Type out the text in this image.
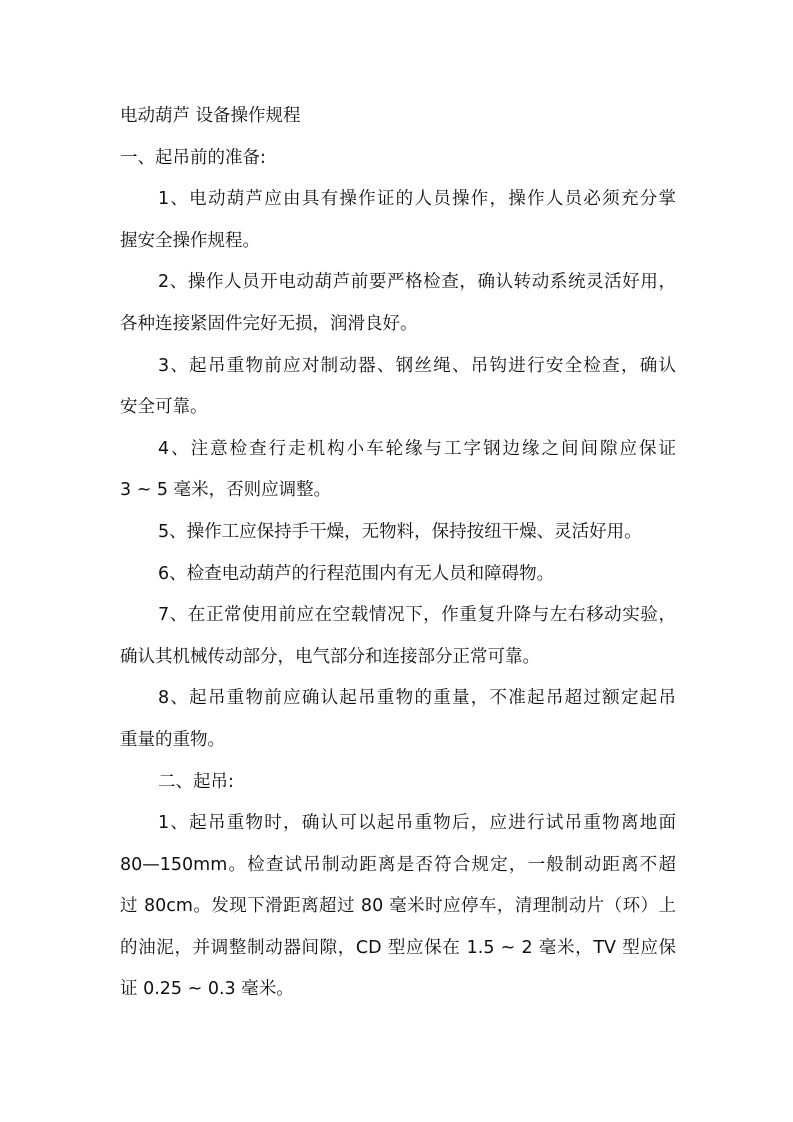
电动葫芦 设备操作规程
一、起吊前的准备:
1、电动葫芦应由具有操作证的人员操作，操作人员必须充分掌
握安全操作规程。
2、操作人员开电动葫芦前要严格检查，确认转动系统灵活好用，
各种连接紧固件完好无损，润滑良好。
3、起吊重物前应对制动器、钢丝绳、吊钩进行安全检查，确认
安全可靠。
4、注意检查行走机构小车轮缘与工字钢边缘之间间隙应保证
3 ~ 5 毫米，否则应调整。
5、操作工应保持手干燥，无物料，保持按纽干燥、灵活好用。
6、检查电动葫芦的行程范围内有无人员和障碍物。
7、在正常使用前应在空载情况下，作重复升降与左右移动实验，
确认其机械传动部分，电气部分和连接部分正常可靠。
8、起吊重物前应确认起吊重物的重量，不准起吊超过额定起吊
重量的重物。
二、起吊:
1、起吊重物时，确认可以起吊重物后，应进行试吊重物离地面
80—150mm。检查试吊制动距离是否符合规定，一般制动距离不超
过 80cm。发现下滑距离超过 80 毫米时应停车，清理制动片（环）上
的油泥，并调整制动器间隙，CD 型应保在 1.5 ~ 2 毫米，TV 型应保
证 0.25 ~ 0.3 毫米。
